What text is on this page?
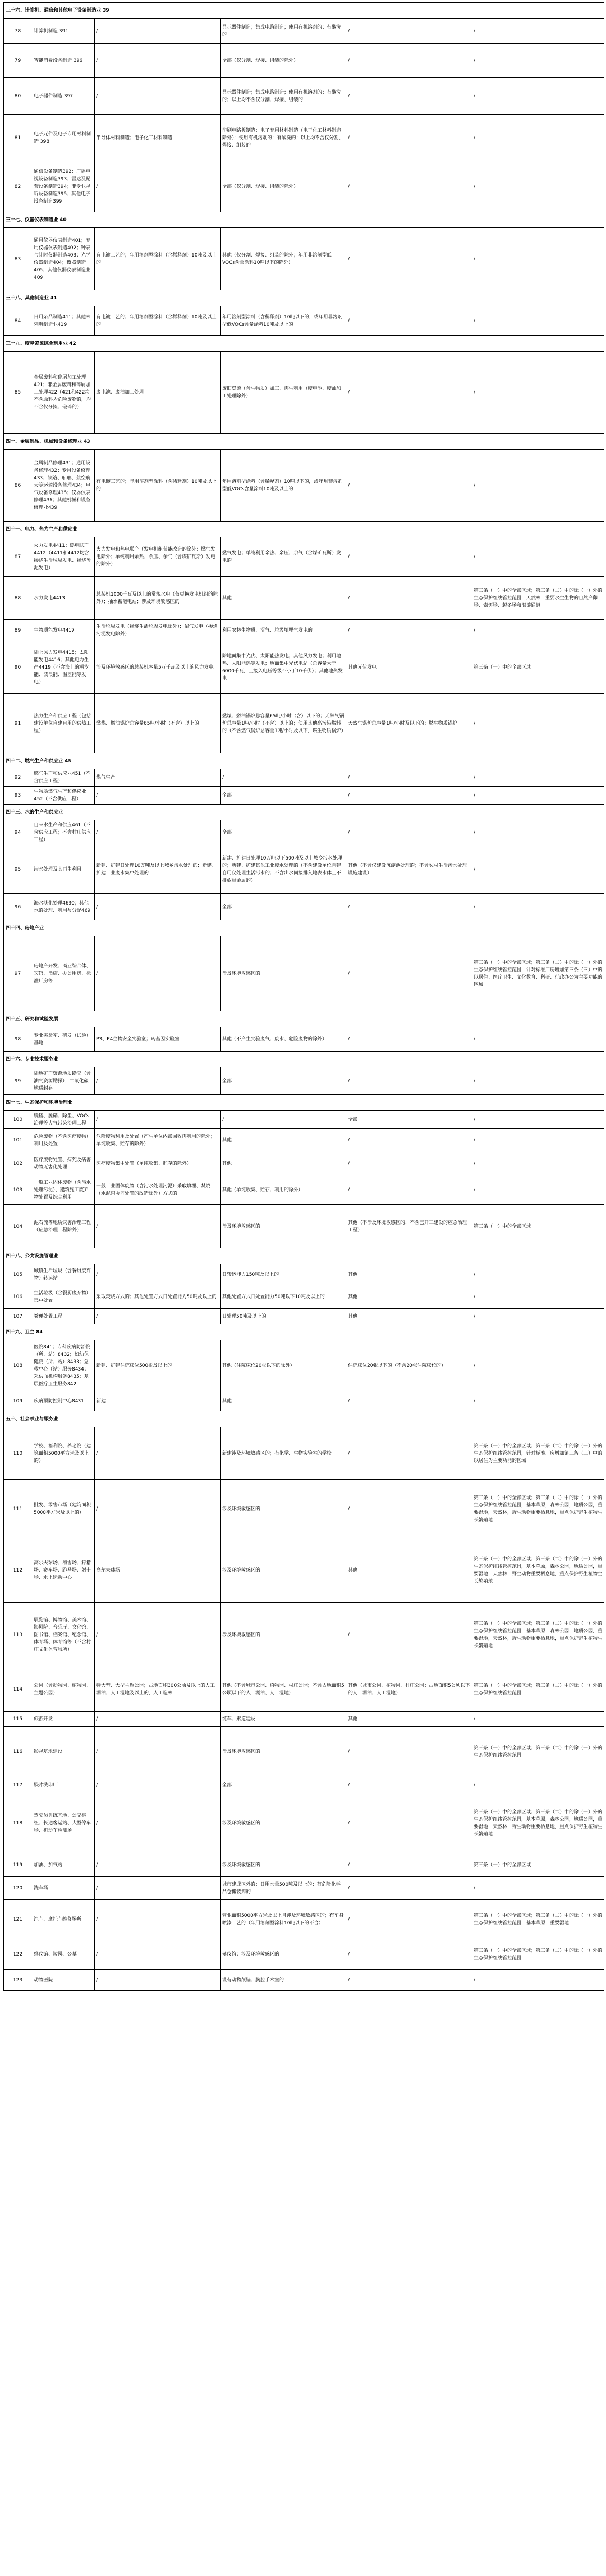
三十六、计算机、通信和其他电子设备制造业 39					
78	计算机制造 391	/	显示器件制造；集成电路制造；使用有机溶剂的；有酸洗的	/	/
79	智能消费设备制造 396	/	全部（仅分割、焊接、组装的除外）	/	/
80	电子器件制造 397	/	显示器件制造；集成电路制造；使用有机溶剂的；有酸洗的；以上均不含仅分割、焊接、组装的	/	/
81	电子元件及电子专用材料制造 398	半导体材料制造；电子化工材料制造	印刷电路板制造；电子专用材料制造（电子化工材料制造除外）；使用有机溶剂的；有酸洗的；以上均不含仅分割、焊接、组装的	/	/
82	通信设备制造392；广播电视设备制造393；雷达及配套设备制造394；非专业视听设备制造395；其他电子设备制造399	/	全部（仅分割、焊接、组装的除外）	/	/
三十七、仪器仪表制造业 40					
83	通用仪器仪表制造401；专用仪器仪表制造402；钟表与计时仪器制造403；光学仪器制造404；衡器制造405；其他仪器仪表制造业409	有电镀工艺的；年用溶剂型涂料（含稀释剂）10吨及以上的	其他（仅分割、焊接、组装的除外；年用非溶剂型低VOCs含量涂料10吨以下的除外）	/	/
三十八、其他制造业 41					
84	日用杂品制造411；其他未列明制造业419	有电镀工艺的；年用溶剂型涂料（含稀释剂）10吨及以上的	年用溶剂型涂料（含稀释剂）10吨以下的，或年用非溶剂型低VOCs含量涂料10吨及以上的	/	/
三十九、废弃资源综合利用业 42					
85	金属废料和碎屑加工处理421；非金属废料和碎屑加工处理422（421和422均不含原料为危险废物的，均不含仅分拣、破碎的）	废电池、废油加工处理	废旧资源（含生物质）加工、再生利用（废电池、废油加工处理除外）	/	/
四十、金属制品、机械和设备修理业 43					
86	金属制品修理431；通用设备修理432；专用设备修理433；铁路、船舶、航空航天等运输设备修理434；电气设备修理435；仪器仪表修理436；其他机械和设备修理业439	有电镀工艺的；年用溶剂型涂料（含稀释剂）10吨及以上的	年用溶剂型涂料（含稀释剂）10吨以下的，或年用非溶剂型低VOCs含量涂料10吨及以上的	/	/
四十一、电力、热力生产和供应业					
87	火力发电4411；热电联产4412（4411和4412均含掺烧生活垃圾发电、掺烧污泥发电）	火力发电和热电联产（发电机组节能改造的除外；燃气发电除外；单纯利用余热、余压、余气（含煤矿瓦斯）发电的除外）	燃气发电；单纯利用余热、余压、余气（含煤矿瓦斯）发电的	/	/
88	水力发电4413	总装机1000千瓦及以上的常规水电（仅更换发电机组的除外）；抽水蓄能电站；涉及环境敏感区的	其他	/	第三条（一）中的全部区域；第三条（二）中的除（一）外的生态保护红线管控范围，天然林，重要水生生物的自然产卵场、索饵场、越冬场和洄游通道
89	生物质能发电4417	生活垃圾发电（掺烧生活垃圾发电除外）；沼气发电（掺烧污泥发电除外）	利用农林生物质、沼气、垃圾填埋气发电的	/	/
90	陆上风力发电4415；太阳能发电4416；其他电力生产4419（不含海上的潮汐能、波浪能、温差能等发电）	涉及环境敏感区的总装机容量5万千瓦及以上的风力发电	除地面集中光伏、太阳能热发电；其他风力发电；利用地热、太阳能热等发电；地面集中光伏电站（总容量大于6000千瓦，且接入电压等级不小于10千伏）；其他地热发电	其他光伏发电	第三条（一）中的全部区域
91	热力生产和供应工程（包括建设单位自建自用的供热工程）	燃煤、燃油锅炉总容量65吨/小时（不含）以上的	燃煤、燃油锅炉总容量65吨/小时（含）以下的；天然气锅炉总容量1吨/小时（不含）以上的；使用其他高污染燃料的（不含燃气锅炉总容量1吨/小时及以下，燃生物质锅炉）	天然气锅炉总容量1吨/小时及以下的；燃生物质锅炉	/
四十二、燃气生产和供应业 45					
92	燃气生产和供应业451（不含供应工程）	煤气生产	/	/	/
93	生物质燃气生产和供应业452（不含供应工程）	/	全部	/	/
四十三、水的生产和供应业					
94	自来水生产和供应461（不含供应工程；不含村庄供应工程）	/	全部	/	/
95	污水处理及其再生利用	新建、扩建日处理10万吨及以上城乡污水处理的；新建、扩建工业废水集中处理的	新建、扩建日处理10万吨以下500吨及以上城乡污水处理的；新建、扩建其他工业废水处理的（不含建设单位自建自用仅处理生活污水的；不含出水间接排入地表水体且不排放重金属的）	其他（不含仅建设沉淀池处理的；不含农村生活污水处理设施建设）	/
96	海水淡化处理4630；其他水的处理、利用与分配469	/	全部	/	/
四十四、房地产业					
97	房地产开发、商业综合体、宾馆、酒店、办公用房、标准厂房等	/	涉及环境敏感区的	/	第三条（一）中的全部区域；第三条（二）中的除（一）外的生态保护红线管控范围，针对标准厂房增加第三条（三）中的以居住、医疗卫生、文化教育、科研、行政办公为主要功能的区域
四十五、研究和试验发展					
98	专业实验室、研发（试验）基地	P3、P4生物安全实验室；转基因实验室	其他（不产生实验废气、废水、危险废物的除外）	/	/
四十六、专业技术服务业					
99	陆地矿产资源地质勘查（含油气资源勘探）；二氧化碳地质封存	/	全部	/	/
四十七、生态保护和环境治理业					
100	脱硫、脱硝、除尘、VOCs治理等大气污染治理工程	/	/	全部	/
101	危险废物（不含医疗废物）利用及处置	危险废物利用及处置（产生单位内部回收再利用的除外；单纯收集、贮存的除外）	其他	/	/
102	医疗废物处置、病死及病害动物无害化处理	医疗废物集中处置（单纯收集、贮存的除外）	其他	/	/
103	一般工业固体废物（含污水处理污泥）、建筑施工废弃物处置及综合利用	一般工业固体废物（含污水处理污泥）采取填埋、焚烧（水泥窑协同处置的改造除外）方式的	其他（单纯收集、贮存、利用的除外）	/	/
104	泥石流等地质灾害治理工程（应急治理工程除外）	/	涉及环境敏感区的	其他（不涉及环境敏感区的，不含已开工建设的应急治理工程）	第三条（一）中的全部区域
四十八、公共设施管理业					
105	城镇生活垃圾（含餐厨废弃物）转运站	/	日转运能力150吨及以上的	其他	/
106	生活垃圾（含餐厨废弃物）集中处置	采取焚烧方式的；其他处置方式日处置能力50吨及以上的	其他处置方式日处置能力50吨以下10吨及以上的	其他	/
107	粪便处置工程	/	日处理50吨及以上的	其他	/
四十九、卫生 84					
108	医院841；专科疾病防治院（所、站）8432；妇幼保健院（所、站）8433；急救中心（站）服务8434；采供血机构服务8435；基层医疗卫生服务842	新建、扩建住院床位500张及以上的	其他（住院床位20张以下的除外）	住院床位20张以下的（不含20张住院床位的）	/
109	疾病预防控制中心8431	新建	其他	/	/
五十、社会事业与服务业					
110	学校、福利院、养老院（建筑面积5000平方米及以上的）	/	新建涉及环境敏感区的；有化学、生物实验室的学校	/	第三条（一）中的全部区域；第三条（二）中的除（一）外的生态保护红线管控范围，针对标准厂房增加第三条（三）中的以居住为主要功能的区域
111	批发、零售市场（建筑面积5000平方米及以上的）	/	涉及环境敏感区的	/	第三条（一）中的全部区域；第三条（二）中的除（一）外的生态保护红线管控范围，基本草原，森林公园，地质公园，重要湿地，天然林，野生动物重要栖息地，重点保护野生植物生长繁殖地
112	高尔夫球场、滑雪场、狩猎场、赛车场、跑马场、射击场、水上运动中心	高尔夫球场	涉及环境敏感区的	其他	第三条（一）中的全部区域；第三条（二）中的除（一）外的生态保护红线管控范围，基本草原，森林公园，地质公园，重要湿地，天然林，野生动物重要栖息地，重点保护野生植物生长繁殖地
113	展览馆、博物馆、美术馆、影剧院、音乐厅、文化馆、图书馆、档案馆、纪念馆、体育场、体育馆等（不含村庄文化体育场所）	/	涉及环境敏感区的	/	第三条（一）中的全部区域；第三条（二）中的除（一）外的生态保护红线管控范围，基本草原，森林公园，地质公园，重要湿地，天然林，野生动物重要栖息地，重点保护野生植物生长繁殖地
114	公园（含动物园、植物园、主题公园）	特大型、大型主题公园；占地面积300公顷及以上的人工湖泊、人工湿地及以上的，人工造林	其他（不含城市公园、植物园、村庄公园；不含占地面积5公顷以下的人工湖泊、人工湿地）	其他（城市公园、植物园、村庄公园；占地面积5公顷以下的人工湖泊、人工湿地）	第三条（一）中的全部区域；第三条（二）中的除（一）外的生态保护红线管控范围
115	旅游开发	/	缆车、索道建设	其他	/
116	影视基地建设	/	涉及环境敏感区的	/	第三条（一）中的全部区域；第三条（二）中的除（一）外的生态保护红线管控范围
117	胶片洗印厂	/	全部	/	/
118	驾驶员训练基地、公交枢纽、长途客运站、大型停车场、机动车检测场	/	涉及环境敏感区的	/	第三条（一）中的全部区域；第三条（二）中的除（一）外的生态保护红线管控范围，基本草原，森林公园，地质公园，重要湿地，天然林，野生动物重要栖息地，重点保护野生植物生长繁殖地
119	加油、加气站	/	涉及环境敏感区的	/	第三条（一）中的全部区域
120	洗车场	/	城市建成区外的；日用水量500吨及以上的；有危险化学品仓储装卸的	/	/
121	汽车、摩托车维修场所	/	营业面积5000平方米及以上且涉及环境敏感区的；有车身喷漆工艺的（年用溶剂型涂料10吨以下的不含）	/	第三条（一）中的全部区域；第三条（二）中的除（一）外的生态保护红线管控范围，基本草原，重要湿地
122	殡仪馆、陵园、公墓	/	殡仪馆；涉及环境敏感区的	/	第三条（一）中的全部区域；第三条（二）中的除（一）外的生态保护红线管控范围
123	动物医院	/	设有动物颅脑、胸腔手术室的	/	/
